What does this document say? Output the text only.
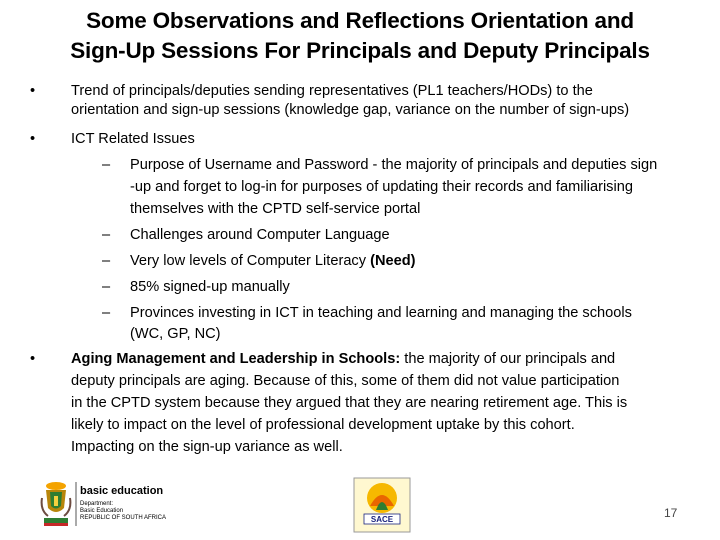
Some Observations and Reflections Orientation and
Sign-Up Sessions For Principals and Deputy Principals
• Trend of principals/deputies sending representatives (PL1 teachers/HODs) to the
orientation and sign-up sessions (knowledge gap, variance on the number of sign-ups)
• ICT Related Issues
– Purpose of Username and Password - the majority of principals and deputies sign
-up and forget to log-in for purposes of updating their records and familiarising
themselves with the CPTD self-service portal
– Challenges around Computer Language
– Very low levels of Computer Literacy (Need)
– 85% signed-up manually
– Provinces investing in ICT in teaching and learning and managing the schools
(WC, GP, NC)
• Aging Management and Leadership in Schools: the majority of our principals and
deputy principals are aging. Because of this, some of them did not value participation
in the CPTD system because they argued that they are nearing retirement age. This is
likely to impact on the level of professional development uptake by this cohort.
Impacting on the sign-up variance as well.
basic education
Department:
Basic Education
REPUBLIC OF SOUTH AFRICA	SACE	17
